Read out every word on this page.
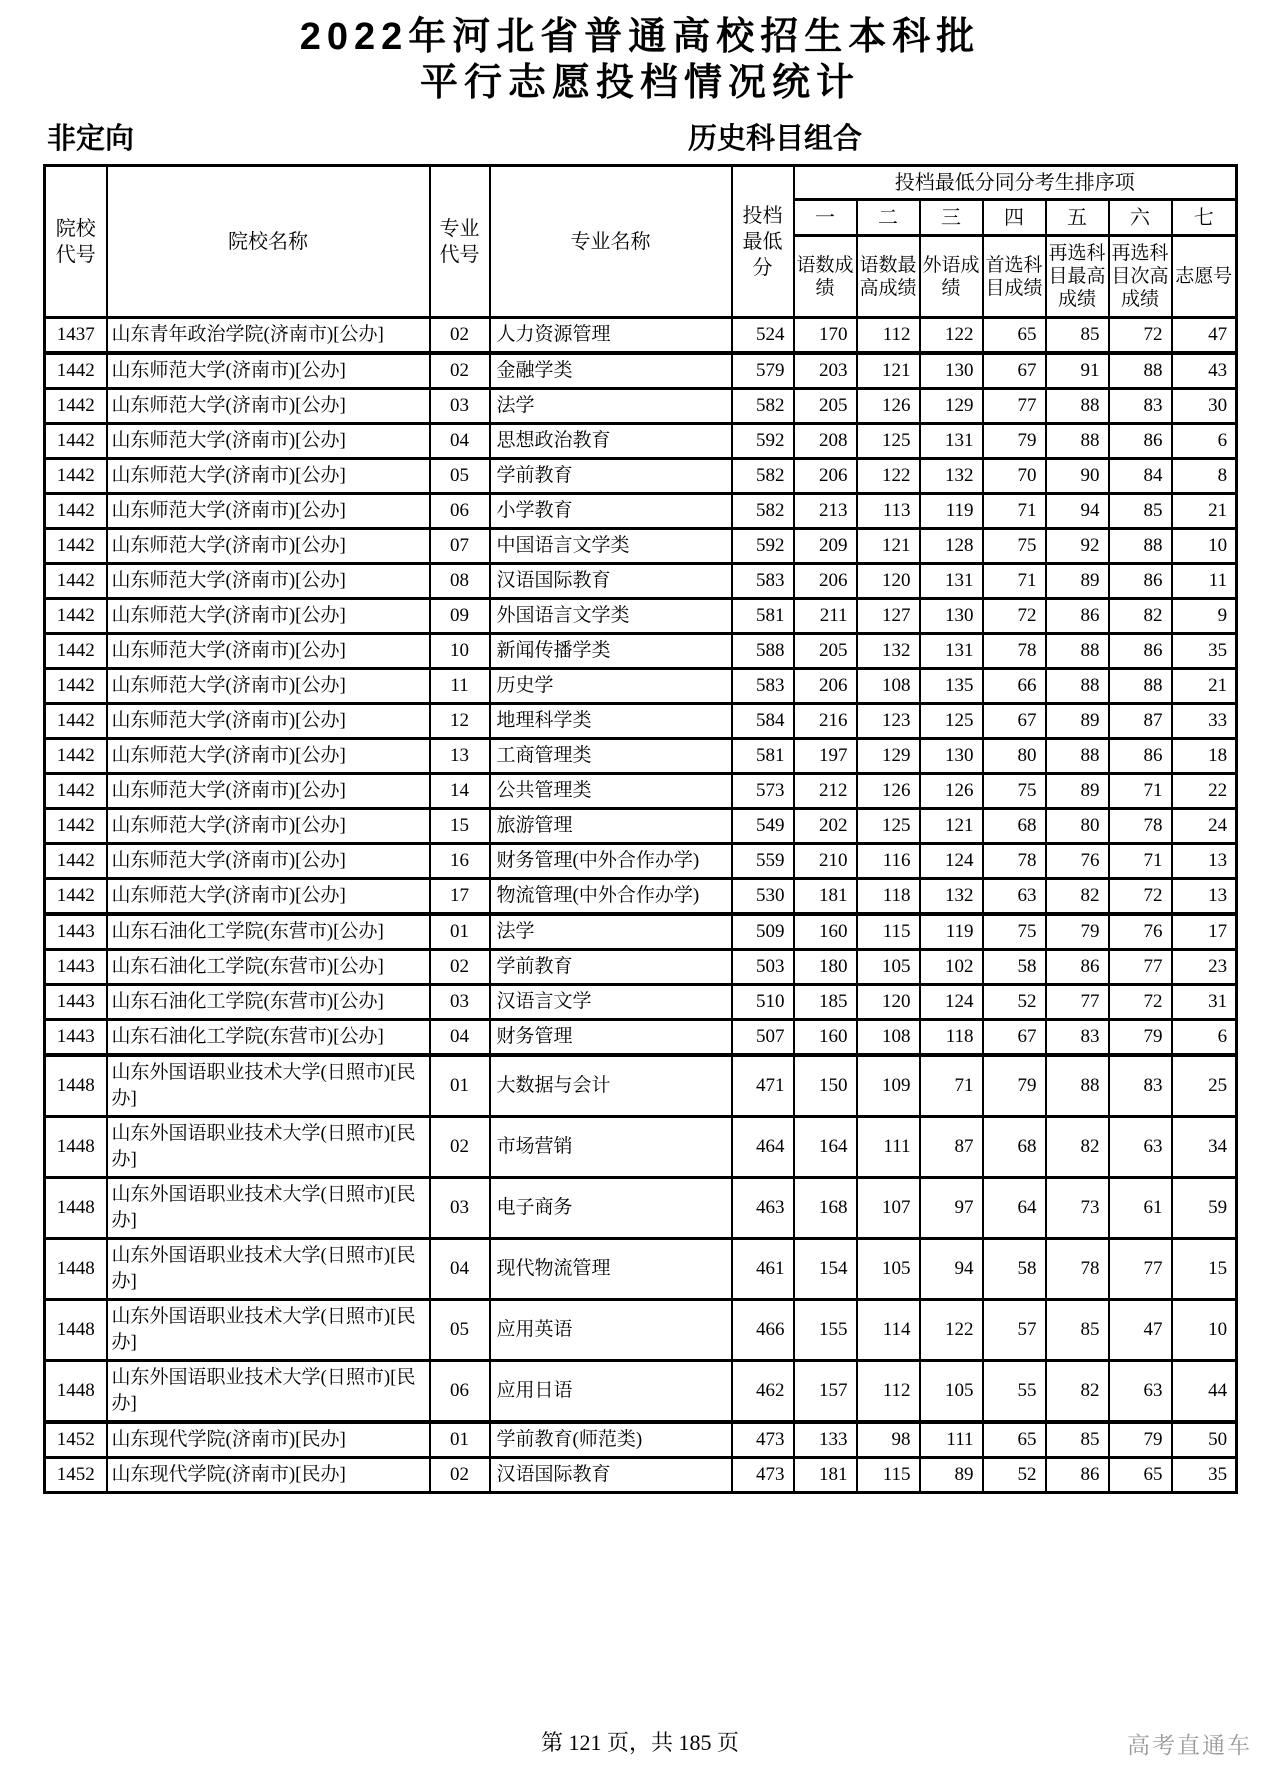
2022年河北省普通高校招生本科批
平行志愿投档情况统计
非定向	历史科目组合
院校代号	院校名称	专业代号	专业名称	投档最低分	投档最低分同分考生排序项						
					一	二	三	四	五	六	七
					语数成绩	语数最高成绩	外语成绩	首选科目成绩	再选科目最高成绩	再选科目次高成绩	志愿号
1437	山东青年政治学院(济南市)[公办]	02	人力资源管理	524	170	112	122	65	85	72	47
1442	山东师范大学(济南市)[公办]	02	金融学类	579	203	121	130	67	91	88	43
1442	山东师范大学(济南市)[公办]	03	法学	582	205	126	129	77	88	83	30
1442	山东师范大学(济南市)[公办]	04	思想政治教育	592	208	125	131	79	88	86	6
1442	山东师范大学(济南市)[公办]	05	学前教育	582	206	122	132	70	90	84	8
1442	山东师范大学(济南市)[公办]	06	小学教育	582	213	113	119	71	94	85	21
1442	山东师范大学(济南市)[公办]	07	中国语言文学类	592	209	121	128	75	92	88	10
1442	山东师范大学(济南市)[公办]	08	汉语国际教育	583	206	120	131	71	89	86	11
1442	山东师范大学(济南市)[公办]	09	外国语言文学类	581	211	127	130	72	86	82	9
1442	山东师范大学(济南市)[公办]	10	新闻传播学类	588	205	132	131	78	88	86	35
1442	山东师范大学(济南市)[公办]	11	历史学	583	206	108	135	66	88	88	21
1442	山东师范大学(济南市)[公办]	12	地理科学类	584	216	123	125	67	89	87	33
1442	山东师范大学(济南市)[公办]	13	工商管理类	581	197	129	130	80	88	86	18
1442	山东师范大学(济南市)[公办]	14	公共管理类	573	212	126	126	75	89	71	22
1442	山东师范大学(济南市)[公办]	15	旅游管理	549	202	125	121	68	80	78	24
1442	山东师范大学(济南市)[公办]	16	财务管理(中外合作办学)	559	210	116	124	78	76	71	13
1442	山东师范大学(济南市)[公办]	17	物流管理(中外合作办学)	530	181	118	132	63	82	72	13
1443	山东石油化工学院(东营市)[公办]	01	法学	509	160	115	119	75	79	76	17
1443	山东石油化工学院(东营市)[公办]	02	学前教育	503	180	105	102	58	86	77	23
1443	山东石油化工学院(东营市)[公办]	03	汉语言文学	510	185	120	124	52	77	72	31
1443	山东石油化工学院(东营市)[公办]	04	财务管理	507	160	108	118	67	83	79	6
1448	山东外国语职业技术大学(日照市)[民办]	01	大数据与会计	471	150	109	71	79	88	83	25
1448	山东外国语职业技术大学(日照市)[民办]	02	市场营销	464	164	111	87	68	82	63	34
1448	山东外国语职业技术大学(日照市)[民办]	03	电子商务	463	168	107	97	64	73	61	59
1448	山东外国语职业技术大学(日照市)[民办]	04	现代物流管理	461	154	105	94	58	78	77	15
1448	山东外国语职业技术大学(日照市)[民办]	05	应用英语	466	155	114	122	57	85	47	10
1448	山东外国语职业技术大学(日照市)[民办]	06	应用日语	462	157	112	105	55	82	63	44
1452	山东现代学院(济南市)[民办]	01	学前教育(师范类)	473	133	98	111	65	85	79	50
1452	山东现代学院(济南市)[民办]	02	汉语国际教育	473	181	115	89	52	86	65	35
第 121 页，共 185 页	高考直通车
